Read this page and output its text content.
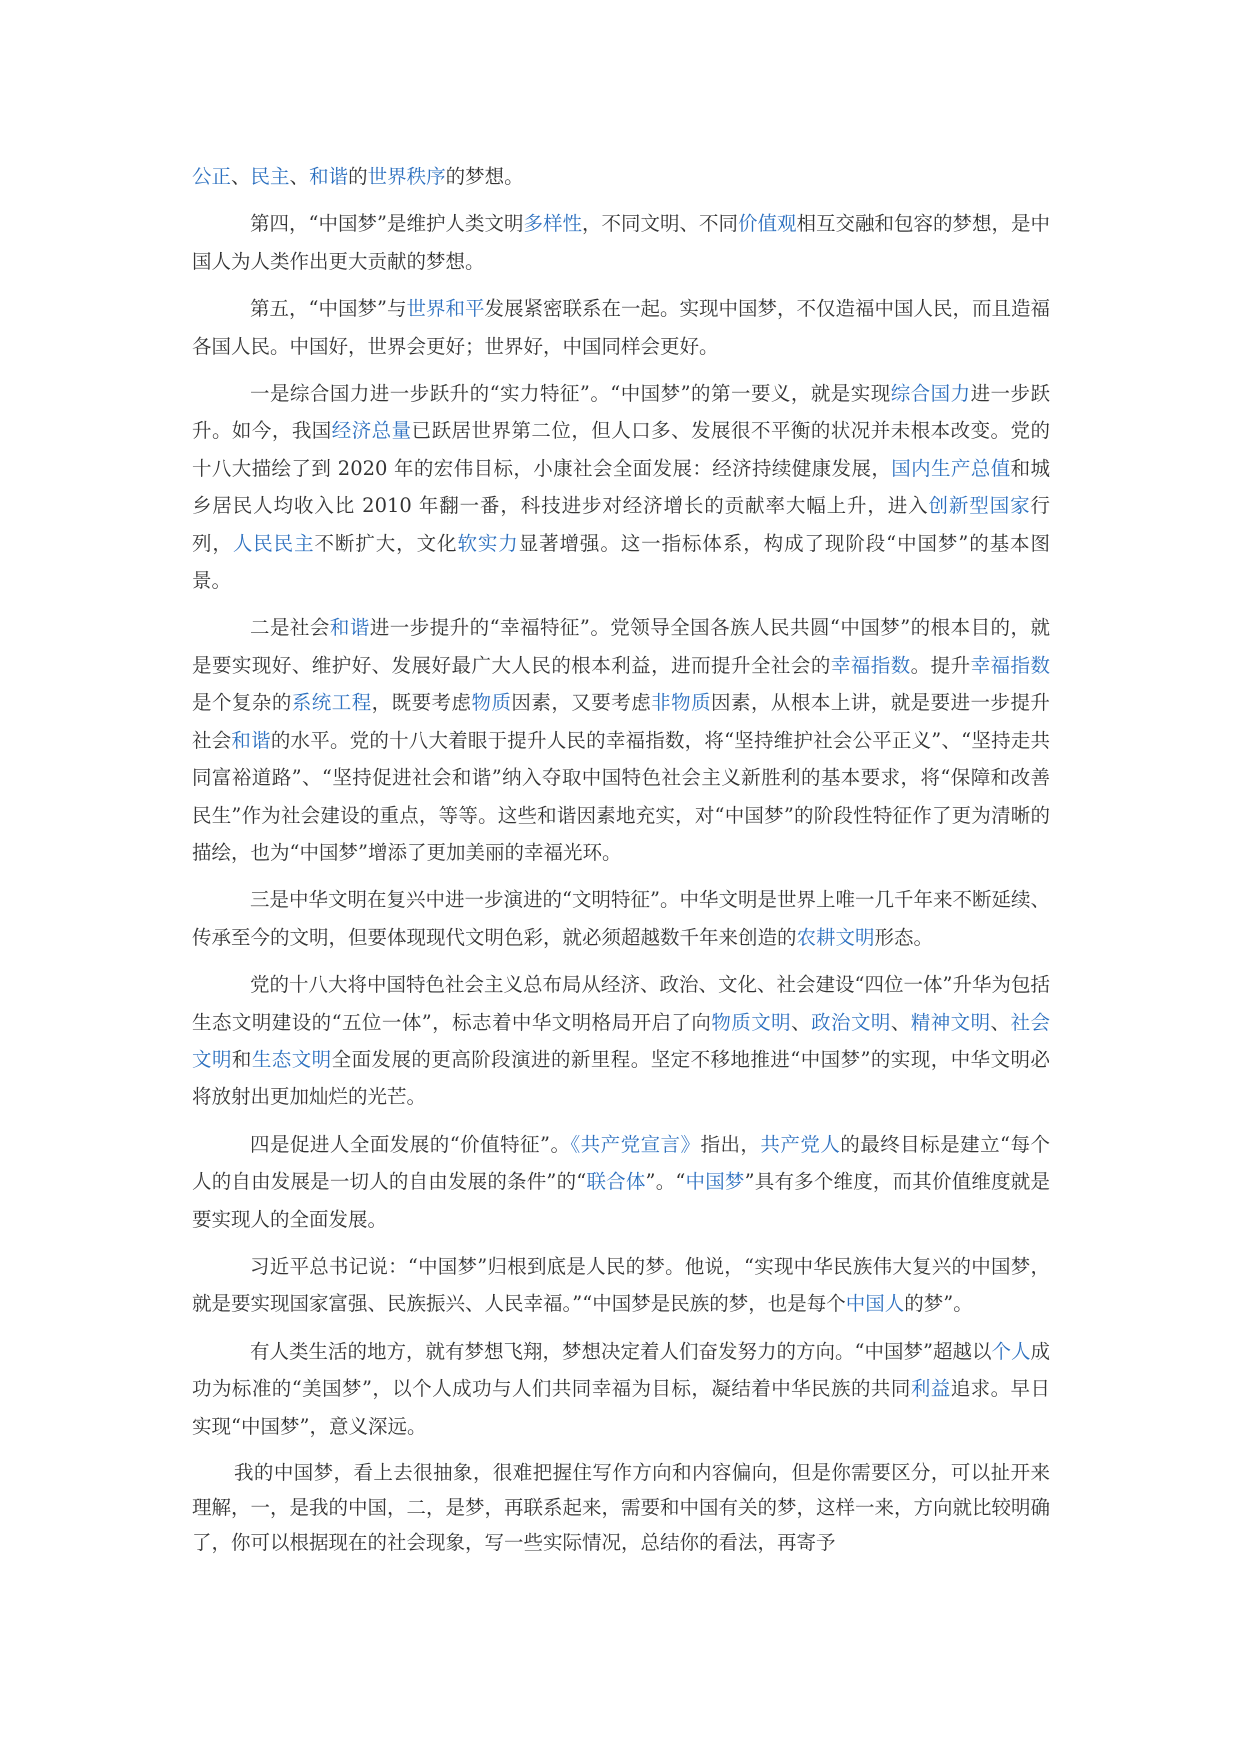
公正、民主、和谐的世界秩序的梦想。

第四，“中国梦”是维护人类文明多样性，不同文明、不同价值观相互交融和包容的梦想，是中国人为人类作出更大贡献的梦想。

第五，“中国梦”与世界和平发展紧密联系在一起。实现中国梦，不仅造福中国人民，而且造福各国人民。中国好，世界会更好；世界好，中国同样会更好。

一是综合国力进一步跃升的“实力特征”。“中国梦”的第一要义，就是实现综合国力进一步跃升。如今，我国经济总量已跃居世界第二位，但人口多、发展很不平衡的状况并未根本改变。党的十八大描绘了到 2020 年的宏伟目标，小康社会全面发展：经济持续健康发展，国内生产总值和城乡居民人均收入比 2010 年翻一番，科技进步对经济增长的贡献率大幅上升，进入创新型国家行列，人民民主不断扩大，文化软实力显著增强。这一指标体系，构成了现阶段“中国梦”的基本图景。

二是社会和谐进一步提升的“幸福特征”。党领导全国各族人民共圆“中国梦”的根本目的，就是要实现好、维护好、发展好最广大人民的根本利益，进而提升全社会的幸福指数。提升幸福指数是个复杂的系统工程，既要考虑物质因素，又要考虑非物质因素，从根本上讲，就是要进一步提升社会和谐的水平。党的十八大着眼于提升人民的幸福指数，将“坚持维护社会公平正义”、“坚持走共同富裕道路”、“坚持促进社会和谐”纳入夺取中国特色社会主义新胜利的基本要求，将“保障和改善民生”作为社会建设的重点，等等。这些和谐因素地充实，对“中国梦”的阶段性特征作了更为清晰的描绘，也为“中国梦”增添了更加美丽的幸福光环。

三是中华文明在复兴中进一步演进的“文明特征”。中华文明是世界上唯一几千年来不断延续、传承至今的文明，但要体现现代文明色彩，就必须超越数千年来创造的农耕文明形态。

党的十八大将中国特色社会主义总布局从经济、政治、文化、社会建设“四位一体”升华为包括生态文明建设的“五位一体”，标志着中华文明格局开启了向物质文明、政治文明、精神文明、社会文明和生态文明全面发展的更高阶段演进的新里程。坚定不移地推进“中国梦”的实现，中华文明必将放射出更加灿烂的光芒。

四是促进人全面发展的“价值特征”。《共产党宣言》指出，共产党人的最终目标是建立“每个人的自由发展是一切人的自由发展的条件”的“联合体”。“中国梦”具有多个维度，而其价值维度就是要实现人的全面发展。

习近平总书记说：“中国梦”归根到底是人民的梦。他说，“实现中华民族伟大复兴的中国梦，就是要实现国家富强、民族振兴、人民幸福。”“中国梦是民族的梦，也是每个中国人的梦”。

有人类生活的地方，就有梦想飞翔，梦想决定着人们奋发努力的方向。“中国梦”超越以个人成功为标准的“美国梦”，以个人成功与人们共同幸福为目标，凝结着中华民族的共同利益追求。早日实现“中国梦”，意义深远。

我的中国梦，看上去很抽象，很难把握住写作方向和内容偏向，但是你需要区分，可以扯开来理解，一，是我的中国，二，是梦，再联系起来，需要和中国有关的梦，这样一来，方向就比较明确了，你可以根据现在的社会现象，写一些实际情况，总结你的看法，再寄予
